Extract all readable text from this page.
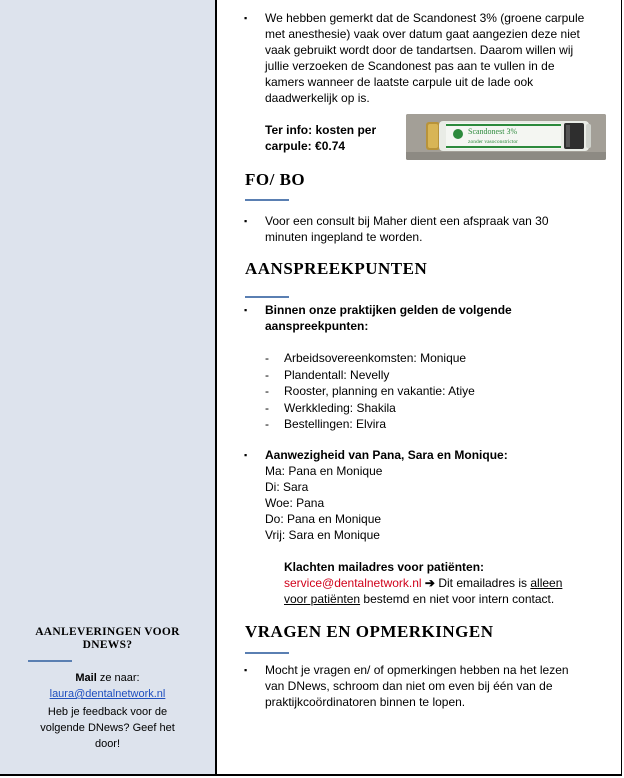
AANLEVERINGEN VOOR DNEWS?
Mail ze naar:
laura@dentalnetwork.nl
Heb je feedback voor de volgende DNews? Geef het door!
▪	We hebben gemerkt dat de Scandonest 3% (groene carpule
met anesthesie) vaak over datum gaat aangezien deze niet
vaak gebruikt wordt door de tandartsen. Daarom willen wij
jullie verzoeken de Scandonest pas aan te vullen in de
kamers wanneer de laatste carpule uit de lade ook
daadwerkelijk op is.
Ter info: kosten per
carpule: €0.74
FO/ BO
▪	Voor een consult bij Maher dient een afspraak van 30
minuten ingepland te worden.
AANSPREEKPUNTEN
▪	Binnen onze praktijken gelden de volgende
aanspreekpunten:
- Arbeidsovereenkomsten: Monique
- Plandentall: Nevelly
- Rooster, planning en vakantie: Atiye
- Werkkleding: Shakila
- Bestellingen: Elvira
▪	Aanwezigheid van Pana, Sara en Monique:
Ma: Pana en Monique
Di: Sara
Woe: Pana
Do: Pana en Monique
Vrij: Sara en Monique
Klachten mailadres voor patiënten:
service@dentalnetwork.nl ➔ Dit emailadres is alleen
voor patiënten bestemd en niet voor intern contact.
VRAGEN EN OPMERKINGEN
▪	Mocht je vragen en/ of opmerkingen hebben na het lezen
van DNews, schroom dan niet om even bij één van de
praktijkcoördinatoren binnen te lopen.
Scandonest 3%
zonder vasoconstrictor
